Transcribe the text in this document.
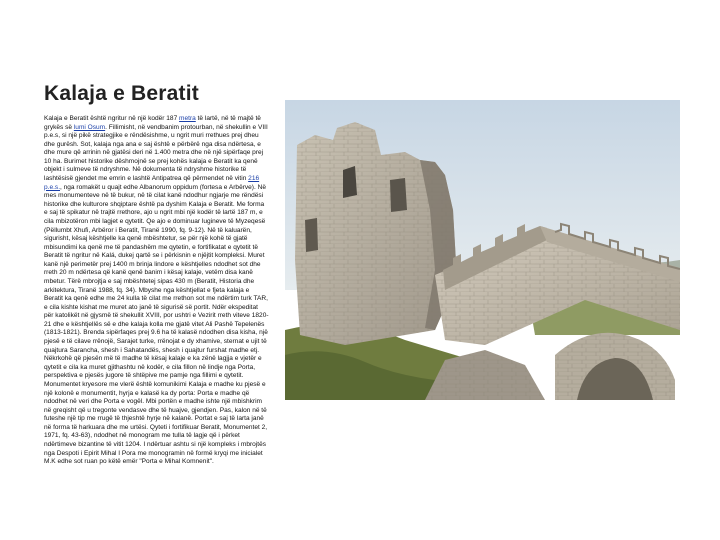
Kalaja e Beratit

Kalaja e Beratit është ngritur në një kodër 187 metra të lartë, në të majtë të grykës së lumi Osum. Fillimisht, në vendbanim protourban, në shekullin e VIII p.e.s, si një pikë strategjike e rëndësishme, u ngrit muri rrethues prej dheu dhe gurësh. Sot, kalaja nga ana e saj është e përbërë nga disa ndërtesa, e dhe mure që arrinin në gjatësi deri në 1.400 metra dhe në një sipërfaqe prej 10 ha. Burimet historike dëshmojnë se prej kohës kalaja e Beratit ka qenë objekt i sulmeve të ndryshme. Në dokumenta të ndryshme historike të lashtësisë gjendet me emrin e lashtë Antipatrea që përmendet në vitin 216 p.e.s., nga romakët u quajt edhe Albanorum oppidum (fortesa e Arbërve). Në mes monumenteve në të bukur, në të cilat kanë ndodhur ngjarje me rëndësi historike dhe kulturore shqiptare është pa dyshim Kalaja e Beratit. Me forma e saj të spikatur në trajtë rrethore, ajo u ngrit mbi një kodër të lartë 187 m, e cila mbizotëron mbi lagjet e qytetit. Qe ajo e dominuar lugineve të Myzeqesë (Pëllumbt Xhufi, Arbëror i Beratit, Tiranë 1990, fq. 9-12). Në të kaluarën, sigurisht, kësaj kështjelle ka qenë mbështetur, se për një kohë të gjatë mbisundimi ka qenë me të pandashëm me qytetin, e fortifikatat e qytetit të Beratit të ngritur në Kalá, dukej qartë se i përkisnin e njëjtit kompleksi. Muret kanë një perimetër prej 1400 m brinja lindore e kështjelles ndodhet sot dhe rreth 20 m ndërtesa që kanë qenë banim i kësaj kalaje, vetëm disa kanë mbetur. Tërë mbrojtja e saj mbështetej sipas 430 m (Beratit, Historia dhe arkitektura, Tiranë 1988, fq. 34). Mbyshe nga kështjellat e fjeta kalaja e Beratit ka qenë edhe me 24 kulla të cilat me rrethon sot me ndërtim turk TAR, e cila kishte kishat me muret ato janë të sigurisë së portit. Ndër ekspeditat për katolikët në gjysmë të shekullit XVIII, por ushtri e Vezirit rreth viteve 1820-21 dhe e kështjellës së e dhe kalaja kolla me gjatë vitet Ali Pashë Tepelenës (1813-1821). Brenda sipërfaqes prej 9.6 ha të kalasë ndodhen disa kisha, një pjesë e të cilave rrënojë, Sarajet turke, rrënojat e dy xhamive, sternat e ujit të quajtura Sarancha, shesh i Sahatandës, shesh i quajtur furshat madhe etj. Nëkrkohë që pjesën më të madhe të kësaj kalaje e ka zënë lagjja e vjetër e qytetit e cila ka muret gjithashtu në kodër, e cila fillon në lindje nga Porta, perspektiva e pjesës jugore të shtëpive me pamje nga fillimi e qytetit. Monumentet kryesore me vlerë është komunikimi Kalaja e madhe ku pjesë e një kolonë e monumentit, hyrja e kalasë ka dy porta: Porta e madhe që ndodhet në veri dhe Porta e vogël. Mbi portën e madhe ishte një mbishkrim në greqisht që u tregonte vendasve dhe të huajve, gjendjen. Pas, kalon në të futeshe një tip me rrugë të thjeshtë hyrje në kalanë. Portat e saj të larta janë në forma të harkuara dhe me urtësi. Qyteti i fortifikuar Beratit, Monumentet 2, 1971, fq. 43-63), ndodhet në monogram me tulla të lagje që i përket ndërtimeve bizantine të vitit 1204. I ndërtuar ashtu si një kompleks i mbrojtës nga Despoti i Epirit Mihal I Pora me monogramin në formë kryqi me inicialet M.K edhe sot ruan po këtë emër "Porta e Mihal Komnenit".
